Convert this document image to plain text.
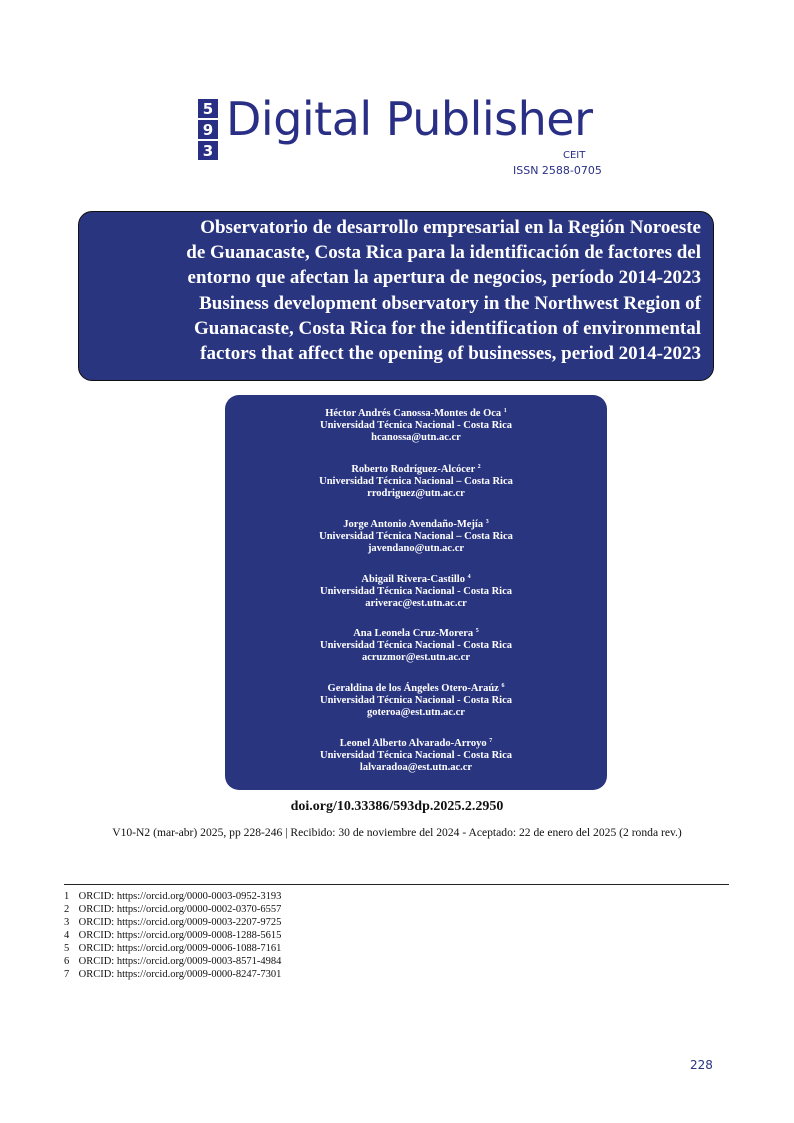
5
9
3
Digital Publisher
CEIT
ISSN 2588-0705
Observatorio de desarrollo empresarial en la Región Noroeste
de Guanacaste, Costa Rica para la identificación de factores del
entorno que afectan la apertura de negocios, período 2014-2023
Business development observatory in the Northwest Region of
Guanacaste, Costa Rica for the identification of environmental
factors that affect the opening of businesses, period 2014-2023
Héctor Andrés Canossa-Montes de Oca $^1$
Universidad Técnica Nacional - Costa Rica
hcanossa@utn.ac.cr
Roberto Rodríguez-Alcócer $^2$
Universidad Técnica Nacional – Costa Rica
rrodriguez@utn.ac.cr
Jorge Antonio Avendaño-Mejía $^3$
Universidad Técnica Nacional – Costa Rica
javendano@utn.ac.cr
Abigail Rivera-Castillo $^4$
Universidad Técnica Nacional - Costa Rica
ariverac@est.utn.ac.cr
Ana Leonela Cruz-Morera $^5$
Universidad Técnica Nacional - Costa Rica
acruzmor@est.utn.ac.cr
Geraldina de los Ángeles Otero-Araúz $^6$
Universidad Técnica Nacional - Costa Rica
goteroa@est.utn.ac.cr
Leonel Alberto Alvarado-Arroyo $^7$
Universidad Técnica Nacional - Costa Rica
lalvaradoa@est.utn.ac.cr
doi.org/10.33386/593dp.2025.2.2950
V10-N2 (mar-abr) 2025, pp 228-246 | Recibido: 30 de noviembre del 2024 - Aceptado: 22 de enero del 2025 (2 ronda rev.)
1 ORCID: https://orcid.org/0000-0003-0952-3193
2 ORCID: https://orcid.org/0000-0002-0370-6557
3 ORCID: https://orcid.org/0009-0003-2207-9725
4 ORCID: https://orcid.org/0009-0008-1288-5615
5 ORCID: https://orcid.org/0009-0006-1088-7161
6 ORCID: https://orcid.org/0009-0003-8571-4984
7 ORCID: https://orcid.org/0009-0000-8247-7301
228
